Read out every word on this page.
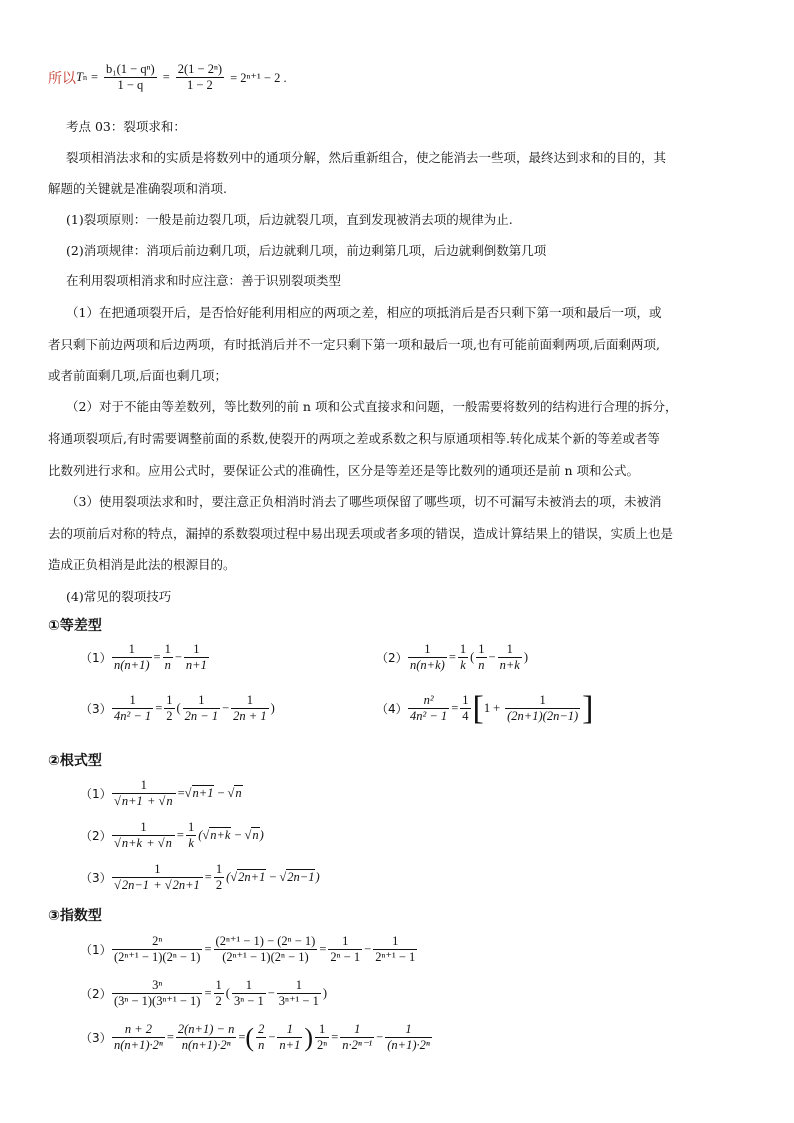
所以 T $n = \frac{\text{b₁(1 − qⁿ)}}{1 - q} = \frac{\text{2(1 − 2ⁿ)}}{1 - 2} = 2^{n+1} - 2$ .
考点 03：裂项求和：
裂项相消法求和的实质是将数列中的通项分解，然后重新组合，使之能消去一些项，最终达到求和的目的，其
解题的关键就是准确裂项和消项.
(1)裂项原则：一般是前边裂几项，后边就裂几项，直到发现被消去项的规律为止.
(2)消项规律：消项后前边剩几项，后边就剩几项，前边剩第几项，后边就剩倒数第几项
在利用裂项相消求和时应注意：善于识别裂项类型
（1）在把通项裂开后，是否恰好能利用相应的两项之差，相应的项抵消后是否只剩下第一项和最后一项，或
者只剩下前边两项和后边两项，有时抵消后并不一定只剩下第一项和最后一项,也有可能前面剩两项,后面剩两项,
或者前面剩几项,后面也剩几项；
（2）对于不能由等差数列，等比数列的前 n 项和公式直接求和问题，一般需要将数列的结构进行合理的拆分，
将通项裂项后,有时需要调整前面的系数,使裂开的两项之差或系数之积与原通项相等.转化成某个新的等差或者等
比数列进行求和。应用公式时，要保证公式的准确性，区分是等差还是等比数列的通项还是前 n 项和公式。
（3）使用裂项法求和时，要注意正负相消时消去了哪些项保留了哪些项，切不可漏写未被消去的项，未被消
去的项前后对称的特点，漏掉的系数裂项过程中易出现丢项或者多项的错误，造成计算结果上的错误，实质上也是
造成正负相消是此法的根源目的。
(4)常见的裂项技巧
①等差型
$(1) \frac{1}{n(n+1)} = \frac{1}{n} - \frac{1}{n+1}$	$(2) \frac{1}{n(n+k)} = \frac{1}{k}$ ( $\frac{1}{n} - \frac{1}{n+k}$ )
$(3) \frac{1}{\text{4n² − 1}} = \frac{1}{2}$ ( $\frac{1}{2n - 1} - \frac{1}{2n + 1}$ )	$(4) \frac{\text{n²}}{\text{4n² − 1}} = \frac{1}{4}$ [ $1 + \frac{1}{(2n+1)(2n-1)}$ ]
②根式型
$(1) \frac{1}{√n+1 + √n} = √n+1 - √n$
$(2) \frac{1}{√n+k + √n} = \frac{1}{k} (√n+k - √n)$
$(3) \frac{1}{√2n-1 + √2n+1} = \frac{1}{2} (√2n+1 - √2n-1)$
③指数型
$(1) \frac{\text{2ⁿ}}{\text{(2ⁿ⁺¹ − 1)(2ⁿ − 1)}} = \frac{\text{(2ⁿ⁺¹ − 1) − (2ⁿ − 1)}}{\text{(2ⁿ⁺¹ − 1)(2ⁿ − 1)}} = \frac{1}{\text{2ⁿ − 1}} - \frac{1}{\text{2ⁿ⁺¹ − 1}}$
$(2) \frac{\text{3ⁿ}}{\text{(3ⁿ − 1)(3ⁿ⁺¹ − 1)}} = \frac{1}{2}$ ( $\frac{1}{\text{3ⁿ − 1}} - \frac{1}{\text{3ⁿ⁺¹ − 1}}$ )
$(3) \frac{n + 2}{\text{n(n+1)·2ⁿ}} = \frac{2(n+1) - n}{\text{n(n+1)·2ⁿ}}$ = ( $\frac{2}{n} - \frac{1}{n+1}$ ) $\frac{1}{\text{2ⁿ}} = \frac{1}{\text{n·2ⁿ⁻¹}} - \frac{1}{\text{(n+1)·2ⁿ}}$
